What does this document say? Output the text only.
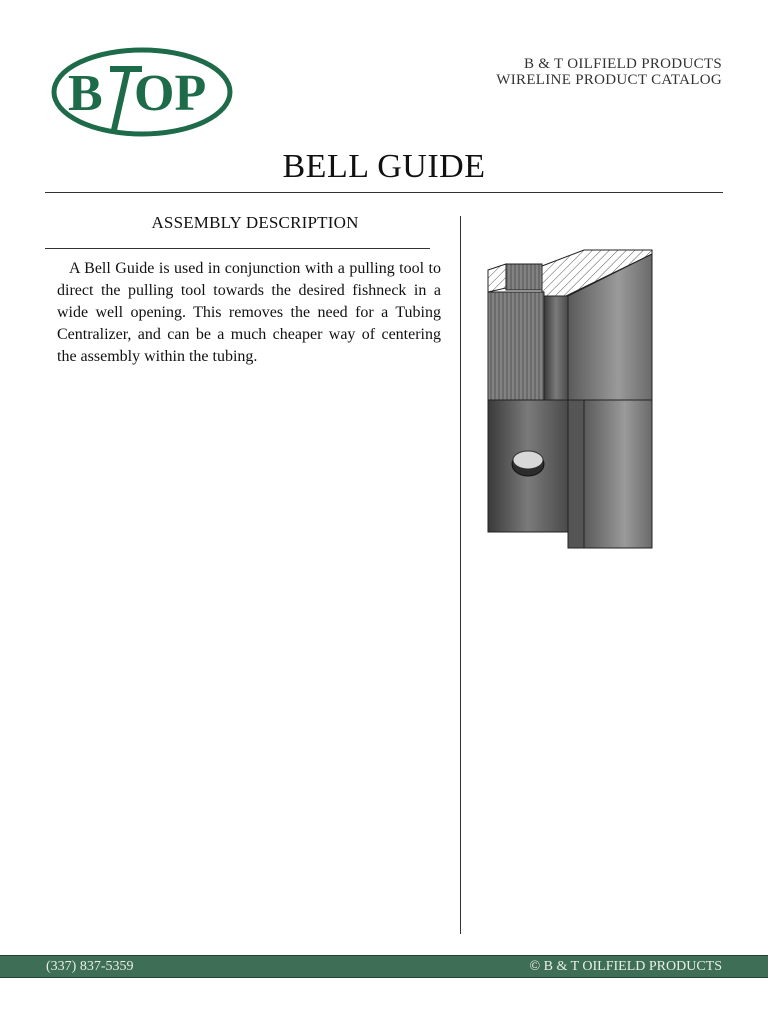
B OP
B & T OILFIELD PRODUCTS
WIRELINE PRODUCT CATALOG
BELL GUIDE
ASSEMBLY DESCRIPTION

A Bell Guide is used in conjunction with a pulling tool to direct the pulling tool towards the desired fishneck in a wide well opening. This removes the need for a Tubing Centralizer, and can be a much cheaper way of centering the assembly within the tubing.

(337) 837-5359	© B & T OILFIELD PRODUCTS
